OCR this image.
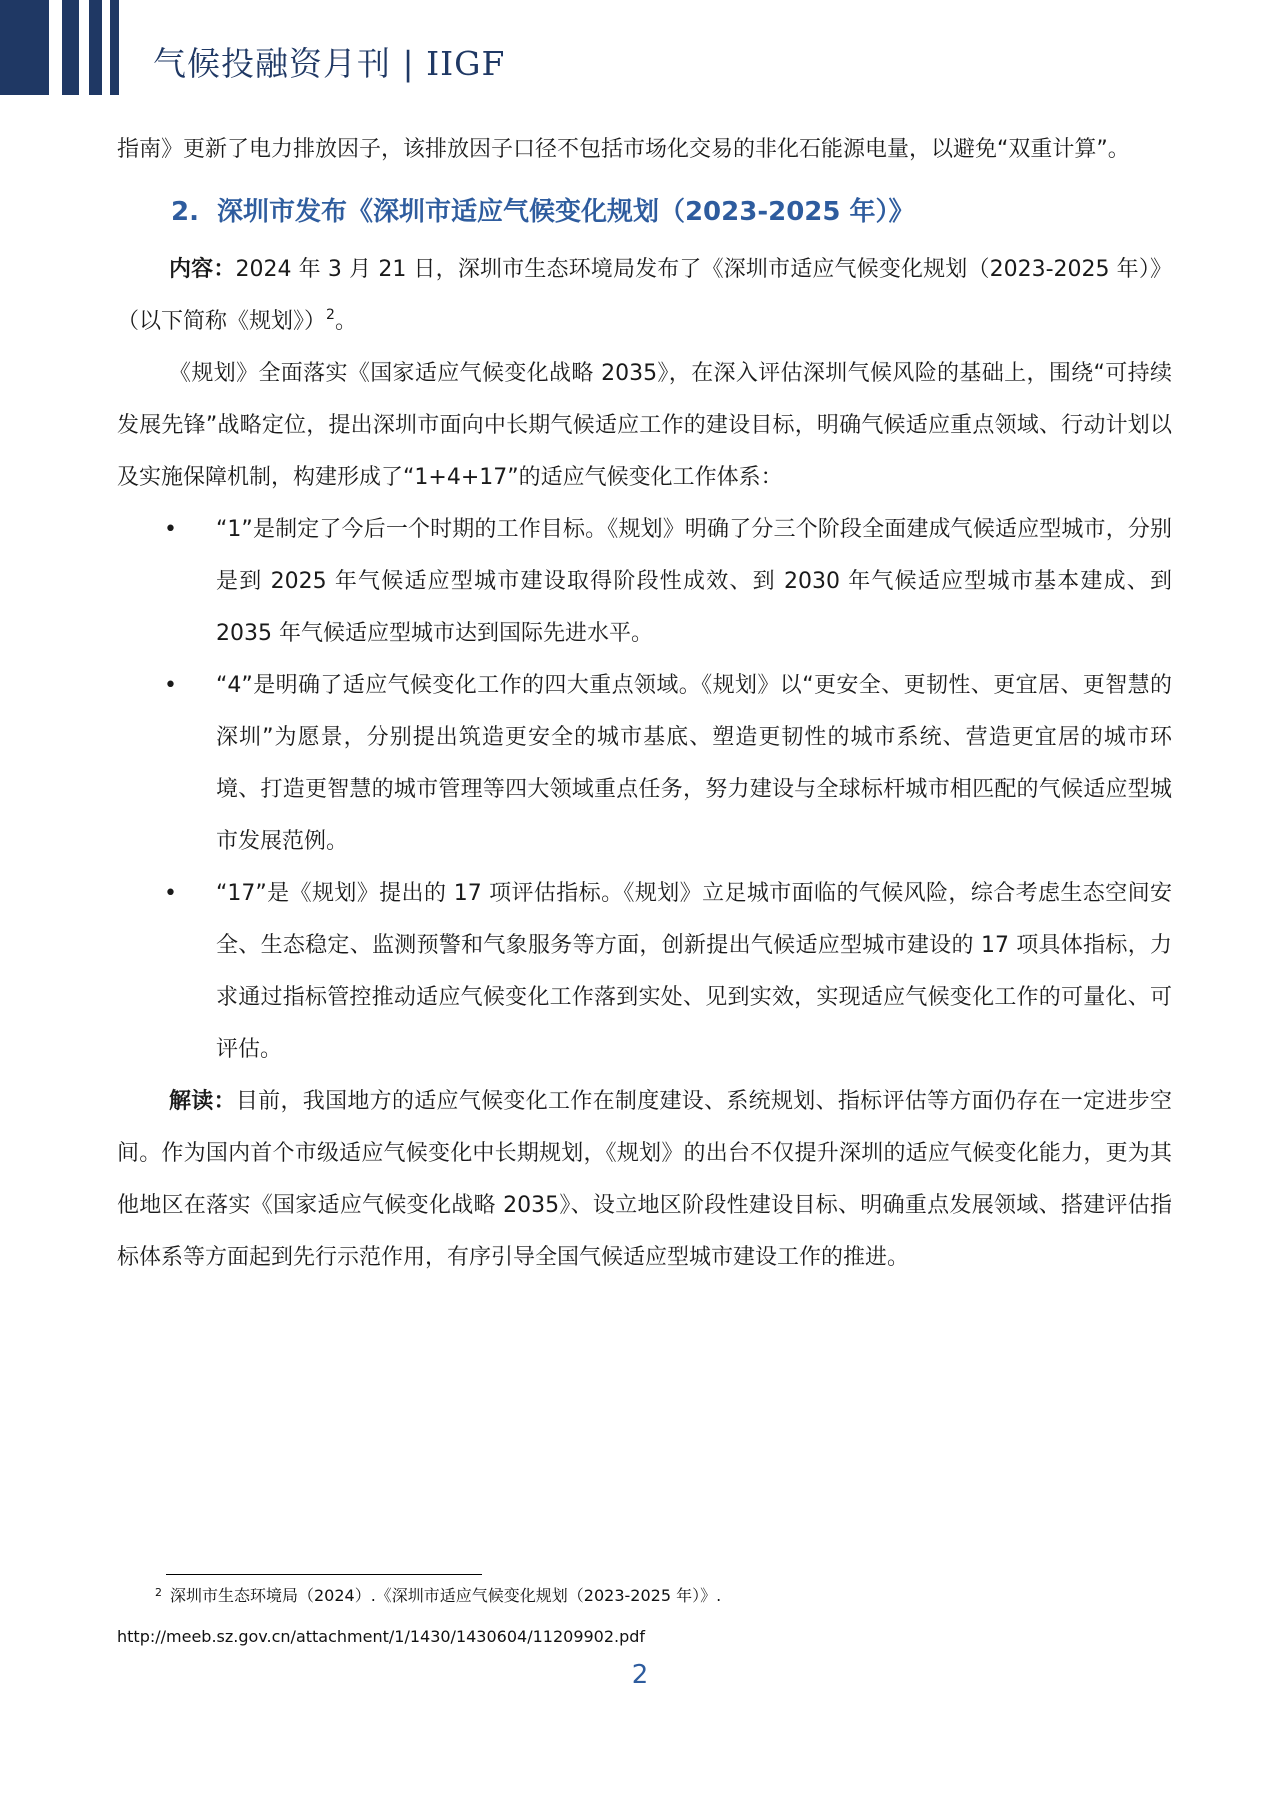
气候投融资月刊 | IIGF

指南》更新了电力排放因子，该排放因子口径不包括市场化交易的非化石能源电量，以避免“双重计算”。

2. 深圳市发布《深圳市适应气候变化规划（2023-2025 年）》

内容：2024 年 3 月 21 日，深圳市生态环境局发布了《深圳市适应气候变化规划（2023-2025 年）》（以下简称《规划》）$^2$。

《规划》全面落实《国家适应气候变化战略 2035》，在深入评估深圳气候风险的基础上，围绕“可持续发展先锋”战略定位，提出深圳市面向中长期气候适应工作的建设目标，明确气候适应重点领域、行动计划以及实施保障机制，构建形成了“1+4+17”的适应气候变化工作体系：

• “1”是制定了今后一个时期的工作目标。《规划》明确了分三个阶段全面建成气候适应型城市，分别是到 2025 年气候适应型城市建设取得阶段性成效、到 2030 年气候适应型城市基本建成、到 2035 年气候适应型城市达到国际先进水平。

• “4”是明确了适应气候变化工作的四大重点领域。《规划》以“更安全、更韧性、更宜居、更智慧的深圳”为愿景，分别提出筑造更安全的城市基底、塑造更韧性的城市系统、营造更宜居的城市环境、打造更智慧的城市管理等四大领域重点任务，努力建设与全球标杆城市相匹配的气候适应型城市发展范例。

• “17”是《规划》提出的 17 项评估指标。《规划》立足城市面临的气候风险，综合考虑生态空间安全、生态稳定、监测预警和气象服务等方面，创新提出气候适应型城市建设的 17 项具体指标，力求通过指标管控推动适应气候变化工作落到实处、见到实效，实现适应气候变化工作的可量化、可评估。

解读：目前，我国地方的适应气候变化工作在制度建设、系统规划、指标评估等方面仍存在一定进步空间。作为国内首个市级适应气候变化中长期规划，《规划》的出台不仅提升深圳的适应气候变化能力，更为其他地区在落实《国家适应气候变化战略 2035》、设立地区阶段性建设目标、明确重点发展领域、搭建评估指标体系等方面起到先行示范作用，有序引导全国气候适应型城市建设工作的推进。

$^2$ 深圳市生态环境局（2024）.《深圳市适应气候变化规划（2023-2025 年）》.
http://meeb.sz.gov.cn/attachment/1/1430/1430604/11209902.pdf
2
